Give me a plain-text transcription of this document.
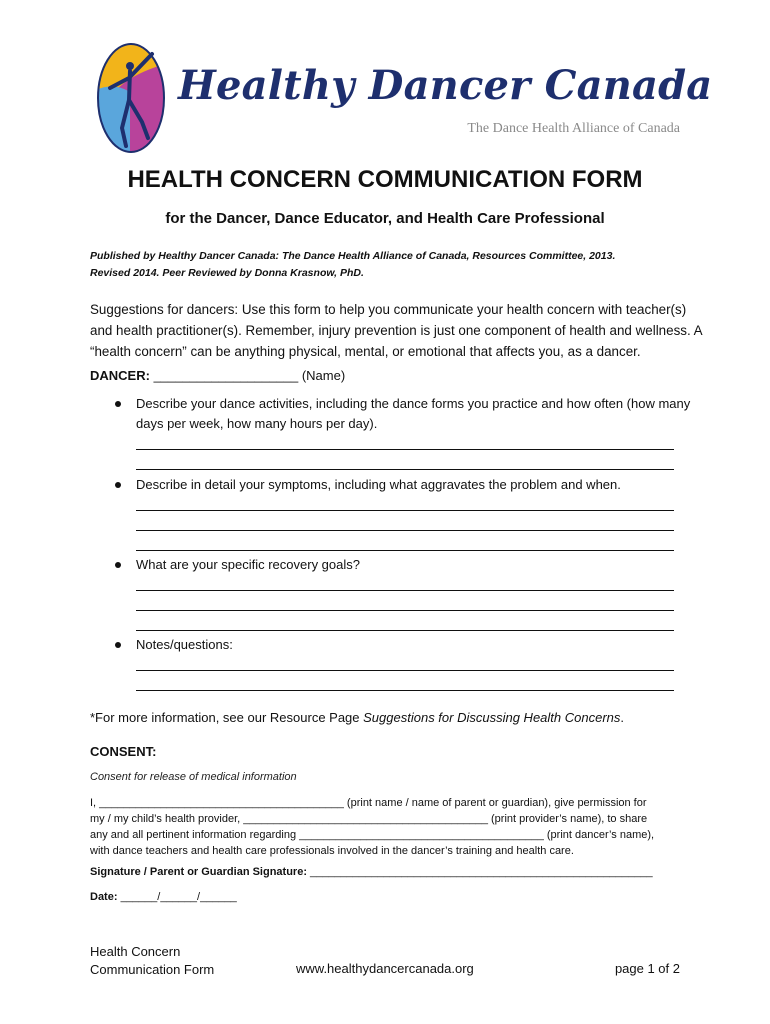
Healthy Dancer Canada
The Dance Health Alliance of Canada
HEALTH CONCERN COMMUNICATION FORM
for the Dancer, Dance Educator, and Health Care Professional
Published by Healthy Dancer Canada: The Dance Health Alliance of Canada, Resources Committee, 2013.
Revised 2014. Peer Reviewed by Donna Krasnow, PhD.
Suggestions for dancers: Use this form to help you communicate your health concern with teacher(s)
and health practitioner(s). Remember, injury prevention is just one component of health and wellness. A
“health concern” can be anything physical, mental, or emotional that affects you, as a dancer.
DANCER: ____________________ (Name)
Describe your dance activities, including the dance forms you practice and how often (how many
days per week, how many hours per day).
Describe in detail your symptoms, including what aggravates the problem and when.
What are your specific recovery goals?
Notes/questions:
*For more information, see our Resource Page Suggestions for Discussing Health Concerns.
CONSENT:
Consent for release of medical information
I, ________________________________________ (print name / name of parent or guardian), give permission for
my / my child’s health provider, ________________________________________ (print provider’s name), to share
any and all pertinent information regarding ________________________________________ (print dancer’s name),
with dance teachers and health care professionals involved in the dancer’s training and health care.
Signature / Parent or Guardian Signature: ________________________________________________________
Date: ______/______/______
Health Concern
Communication Form	www.healthydancercanada.org	page 1 of 2
